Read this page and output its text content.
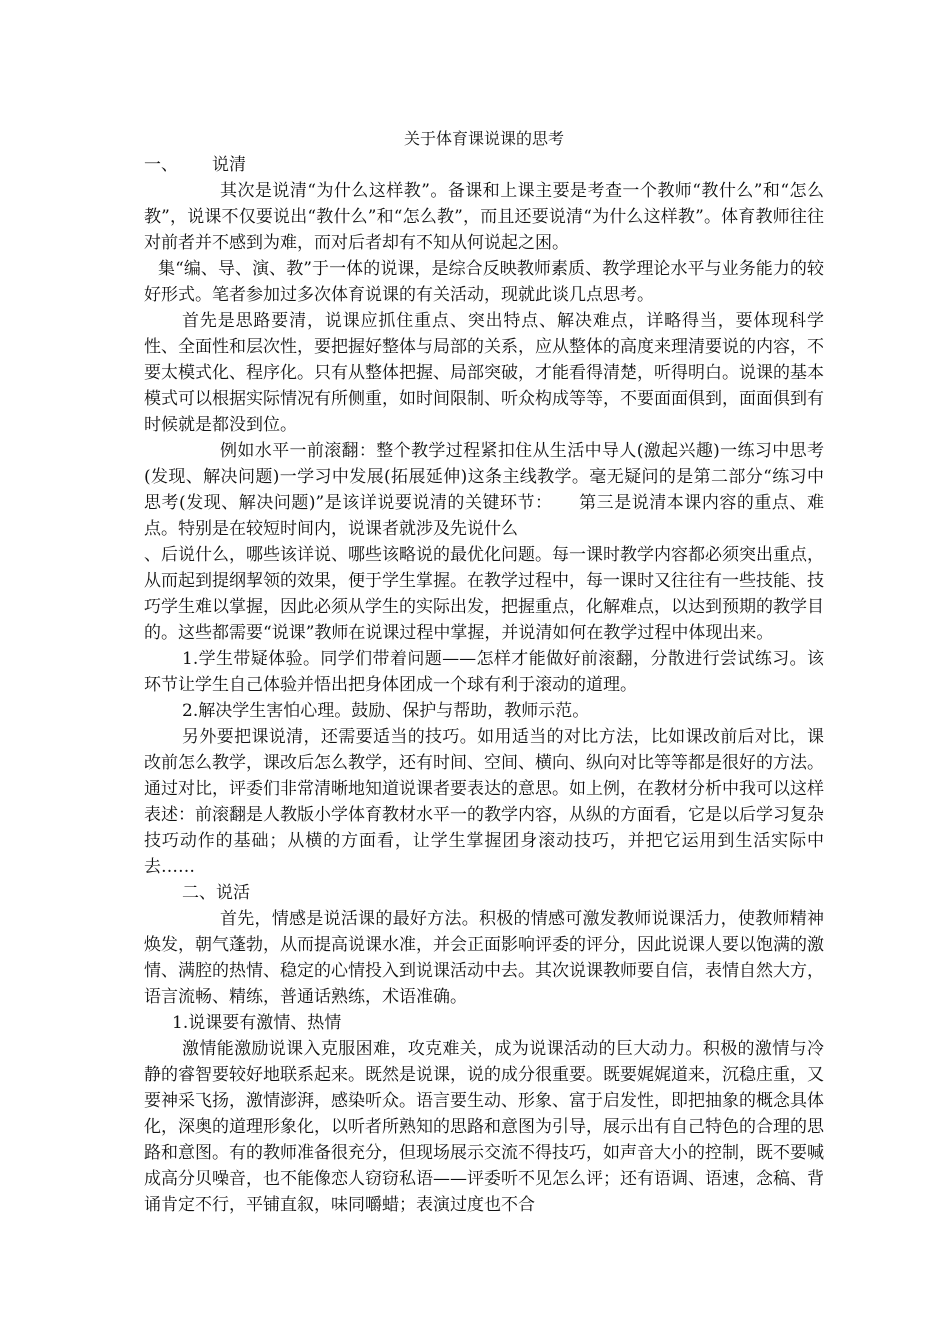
关于体育课说课的思考

一、 说清

其次是说清“为什么这样教”。备课和上课主要是考查一个教师“教什么”和“怎么教”，说课不仅要说出“教什么”和“怎么教”，而且还要说清“为什么这样教”。体育教师往往对前者并不感到为难，而对后者却有不知从何说起之困。

集“编、导、演、教”于一体的说课，是综合反映教师素质、教学理论水平与业务能力的较好形式。笔者参加过多次体育说课的有关活动，现就此谈几点思考。

首先是思路要清，说课应抓住重点、突出特点、解决难点，详略得当，要体现科学性、全面性和层次性，要把握好整体与局部的关系，应从整体的高度来理清要说的内容，不要太模式化、程序化。只有从整体把握、局部突破，才能看得清楚，听得明白。说课的基本模式可以根据实际情况有所侧重，如时间限制、听众构成等等，不要面面俱到，面面俱到有时候就是都没到位。

例如水平一前滚翻：整个教学过程紧扣住从生活中导人(激起兴趣)一练习中思考(发现、解决问题)一学习中发展(拓展延伸)这条主线教学。毫无疑问的是第二部分“练习中思考(发现、解决问题)”是该详说要说清的关键环节：　　第三是说清本课内容的重点、难点。特别是在较短时间内，说课者就涉及先说什么

、后说什么，哪些该详说、哪些该略说的最优化问题。每一课时教学内容都必须突出重点，从而起到提纲挈领的效果，便于学生掌握。在教学过程中，每一课时又往往有一些技能、技巧学生难以掌握，因此必须从学生的实际出发，把握重点，化解难点，以达到预期的教学目的。这些都需要“说课”教师在说课过程中掌握，并说清如何在教学过程中体现出来。

1.学生带疑体验。同学们带着问题——怎样才能做好前滚翻，分散进行尝试练习。该环节让学生自己体验并悟出把身体团成一个球有利于滚动的道理。

2.解决学生害怕心理。鼓励、保护与帮助，教师示范。

另外要把课说清，还需要适当的技巧。如用适当的对比方法，比如课改前后对比，课改前怎么教学，课改后怎么教学，还有时间、空间、横向、纵向对比等等都是很好的方法。通过对比，评委们非常清晰地知道说课者要表达的意思。如上例，在教材分析中我可以这样表述：前滚翻是人教版小学体育教材水平一的教学内容，从纵的方面看，它是以后学习复杂技巧动作的基础；从横的方面看，让学生掌握团身滚动技巧，并把它运用到生活实际中去……

二、说活

首先，情感是说活课的最好方法。积极的情感可激发教师说课活力，使教师精神焕发，朝气蓬勃，从而提高说课水准，并会正面影响评委的评分，因此说课人要以饱满的激情、满腔的热情、稳定的心情投入到说课活动中去。其次说课教师要自信，表情自然大方，语言流畅、精练，普通话熟练，术语准确。

1.说课要有激情、热情

激情能激励说课入克服困难，攻克难关，成为说课活动的巨大动力。积极的激情与冷静的睿智要较好地联系起来。既然是说课，说的成分很重要。既要娓娓道来，沉稳庄重，又要神采飞扬，激情澎湃，感染听众。语言要生动、形象、富于启发性，即把抽象的概念具体化，深奥的道理形象化，以听者所熟知的思路和意图为引导，展示出有自己特色的合理的思路和意图。有的教师准备很充分，但现场展示交流不得技巧，如声音大小的控制，既不要喊成高分贝噪音，也不能像恋人窃窃私语——评委听不见怎么评；还有语调、语速，念稿、背诵肯定不行，平铺直叙，味同嚼蜡；表演过度也不合
